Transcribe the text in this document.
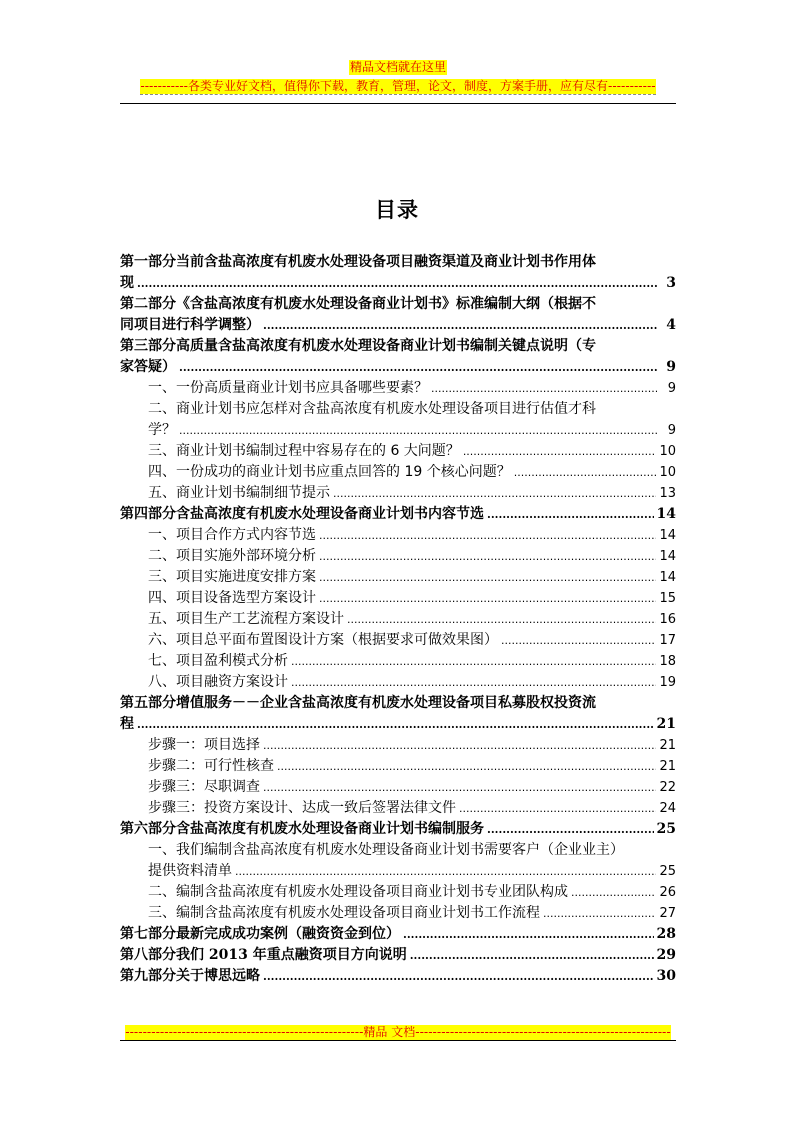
精品文档就在这里
-----------各类专业好文档，值得你下载，教育，管理，论文，制度，方案手册，应有尽有-----------
目录
第一部分当前含盐高浓度有机废水处理设备项目融资渠道及商业计划书作用体
现 .....	3
第二部分《含盐高浓度有机废水处理设备商业计划书》标准编制大纲（根据不
同项目进行科学调整） .....	4
第三部分高质量含盐高浓度有机废水处理设备商业计划书编制关键点说明（专
家答疑） .....	9
一、一份高质量商业计划书应具备哪些要素？ .....	9
二、商业计划书应怎样对含盐高浓度有机废水处理设备项目进行估值才科
学？ .....	9
三、商业计划书编制过程中容易存在的 6 大问题？ .....	10
四、一份成功的商业计划书应重点回答的 19 个核心问题？ .....	10
五、商业计划书编制细节提示 .....	13
第四部分含盐高浓度有机废水处理设备商业计划书内容节选 .....	14
一、项目合作方式内容节选 .....	14
二、项目实施外部环境分析 .....	14
三、项目实施进度安排方案 .....	14
四、项目设备选型方案设计 .....	15
五、项目生产工艺流程方案设计 .....	16
六、项目总平面布置图设计方案（根据要求可做效果图） .....	17
七、项目盈利模式分析 .....	18
八、项目融资方案设计 .....	19
第五部分增值服务－－企业含盐高浓度有机废水处理设备项目私募股权投资流
程 .....	21
步骤一：项目选择 .....	21
步骤二：可行性核查 .....	21
步骤三：尽职调查 .....	22
步骤三：投资方案设计、达成一致后签署法律文件 .....	24
第六部分含盐高浓度有机废水处理设备商业计划书编制服务 .....	25
一、我们编制含盐高浓度有机废水处理设备商业计划书需要客户（企业业主）
提供资料清单 .....	25
二、编制含盐高浓度有机废水处理设备项目商业计划书专业团队构成 .....	26
三、编制含盐高浓度有机废水处理设备项目商业计划书工作流程 .....	27
第七部分最新完成成功案例（融资资金到位） .....	28
第八部分我们 2013 年重点融资项目方向说明 .....	29
第九部分关于博思远略 .....	30
-------------------------------------------------------精品 文档-----------------------------------------------------------
